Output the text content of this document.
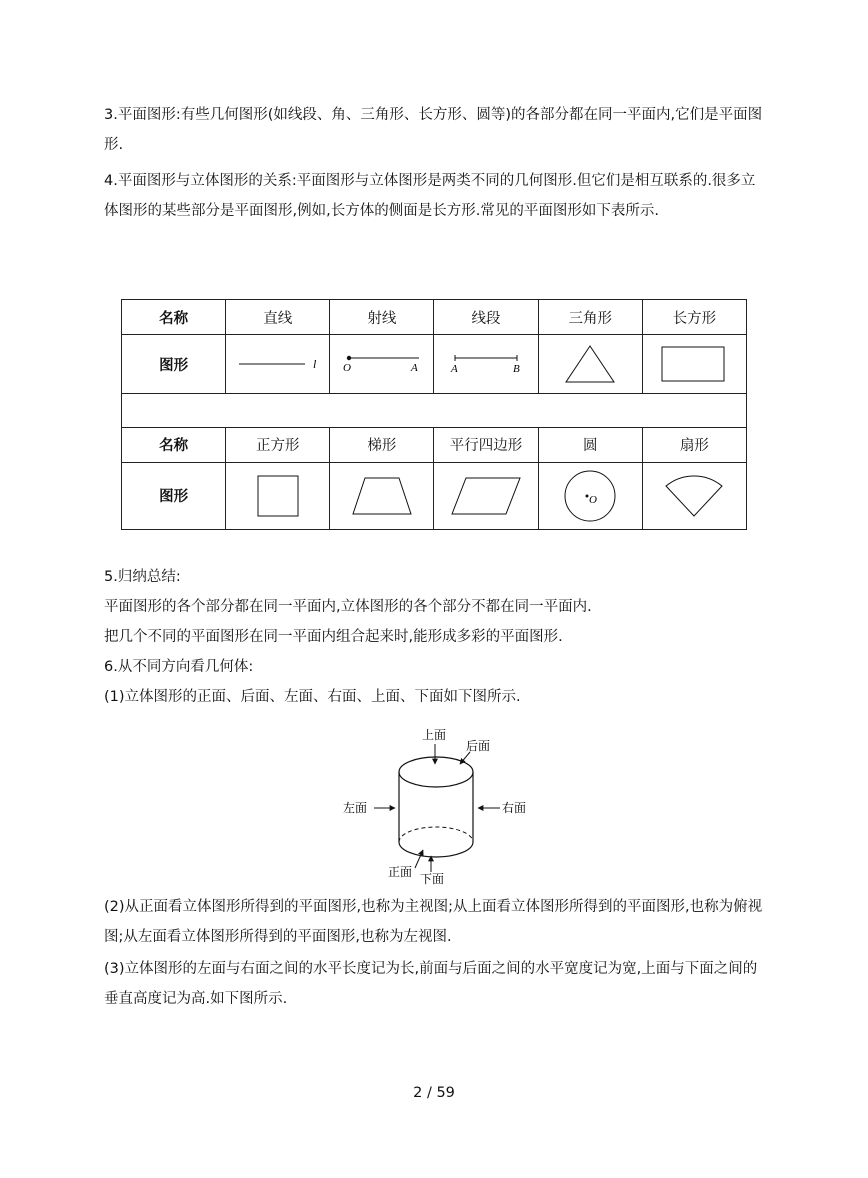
3.平面图形:有些几何图形(如线段、角、三角形、长方形、圆等)的各部分都在同一平面内,它们是平面图形.

4.平面图形与立体图形的关系:平面图形与立体图形是两类不同的几何图形.但它们是相互联系的.很多立体图形的某些部分是平面图形,例如,长方体的侧面是长方形.常见的平面图形如下表所示.

名称	直线	射线	线段	三角形	长方形
图形	l	O A	A B

名称	正方形	梯形	平行四边形	圆	扇形
图形				O

5.归纳总结:

平面图形的各个部分都在同一平面内,立体图形的各个部分不都在同一平面内.

把几个不同的平面图形在同一平面内组合起来时,能形成多彩的平面图形.

6.从不同方向看几何体:

(1)立体图形的正面、后面、左面、右面、上面、下面如下图所示.

上面
后面
左面	右面
正面 下面

(2)从正面看立体图形所得到的平面图形,也称为主视图;从上面看立体图形所得到的平面图形,也称为俯视图;从左面看立体图形所得到的平面图形,也称为左视图.

(3)立体图形的左面与右面之间的水平长度记为长,前面与后面之间的水平宽度记为宽,上面与下面之间的垂直高度记为高.如下图所示.

2 / 59
